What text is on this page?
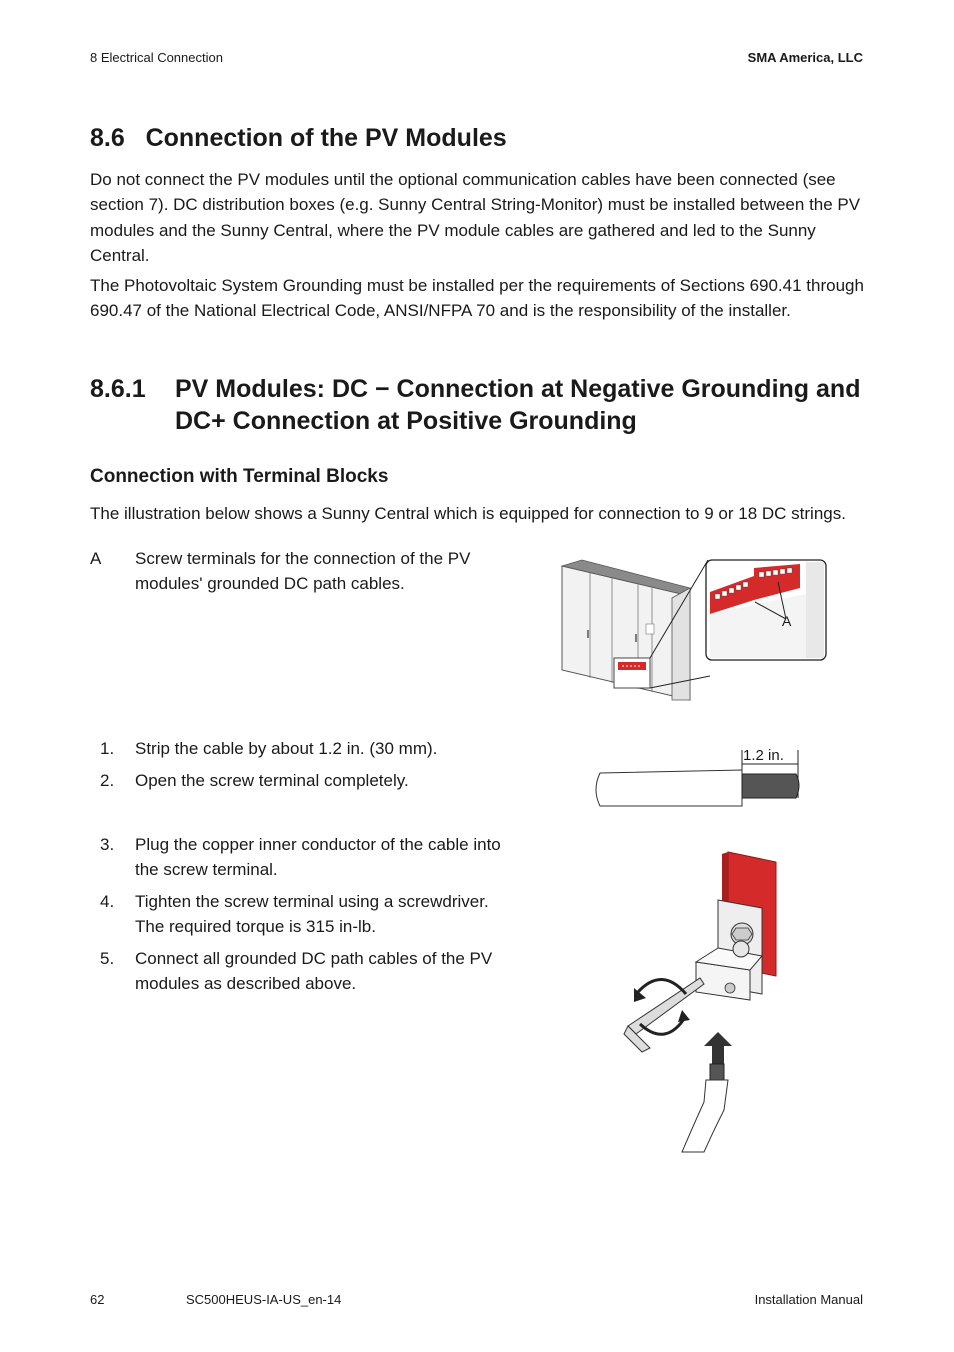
8 Electrical Connection	SMA America, LLC
8.6   Connection of the PV Modules

Do not connect the PV modules until the optional communication cables have been connected (see section 7). DC distribution boxes (e.g. Sunny Central String-Monitor) must be installed between the PV modules and the Sunny Central, where the PV module cables are gathered and led to the Sunny Central.

The Photovoltaic System Grounding must be installed per the requirements of Sections 690.41 through 690.47 of the National Electrical Code, ANSI/NFPA 70 and is the responsibility of the installer.

8.6.1 PV Modules: DC − Connection at Negative Grounding and DC+ Connection at Positive Grounding
Connection with Terminal Blocks

The illustration below shows a Sunny Central which is equipped for connection to 9 or 18 DC strings.

A Screw terminals for the connection of the PV modules' grounded DC path cables.
A
1. Strip the cable by about 1.2 in. (30 mm).
2. Open the screw terminal completely.
1.2 in.
3. Plug the copper inner conductor of the cable into the screw terminal.
4. Tighten the screw terminal using a screwdriver. The required torque is 315 in-lb.
5. Connect all grounded DC path cables of the PV modules as described above.
62	SC500HEUS-IA-US_en-14	Installation Manual
